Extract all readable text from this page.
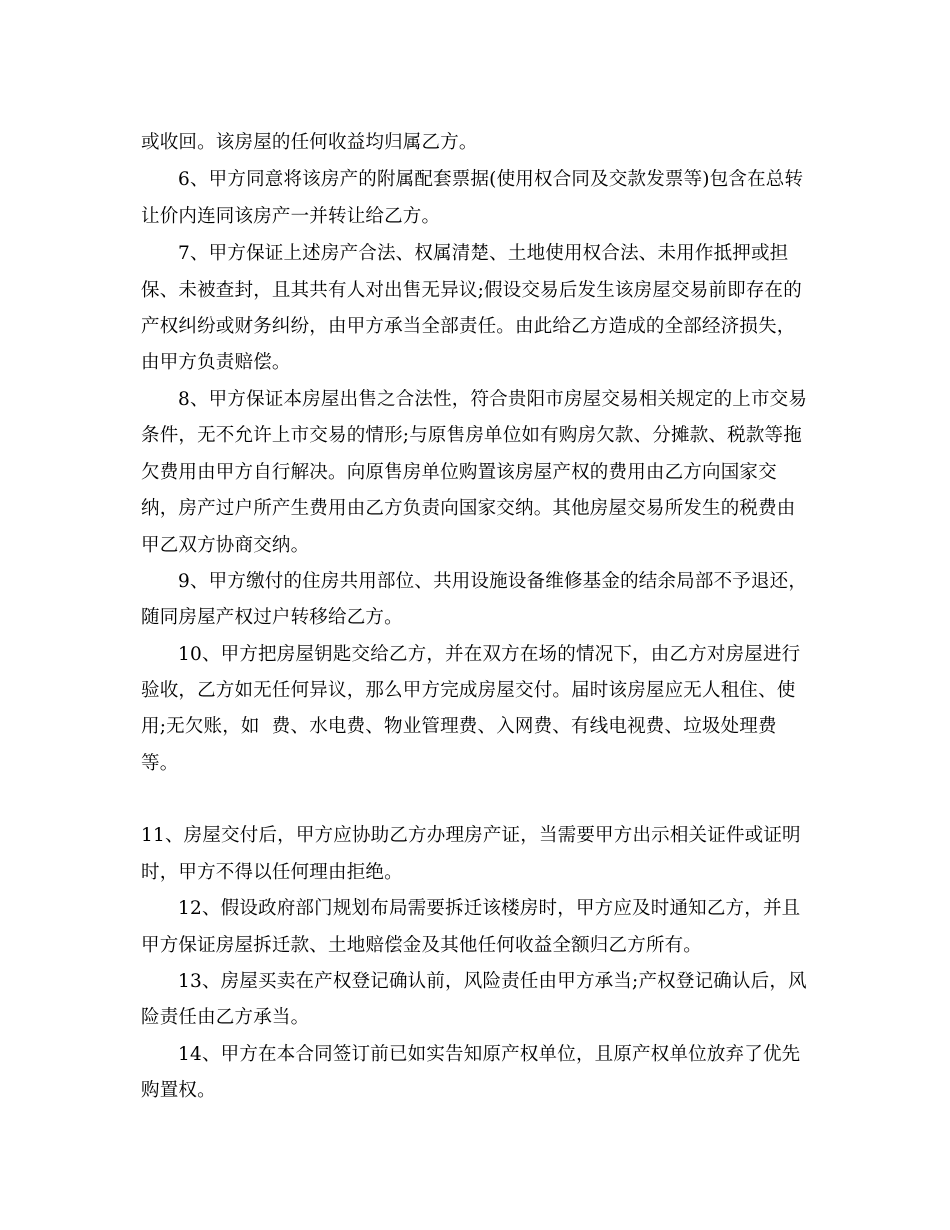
或收回。该房屋的任何收益均归属乙方。
6、甲方同意将该房产的附属配套票据(使用权合同及交款发票等)包含在总转
让价内连同该房产一并转让给乙方。
7、甲方保证上述房产合法、权属清楚、土地使用权合法、未用作抵押或担
保、未被查封，且其共有人对出售无异议;假设交易后发生该房屋交易前即存在的
产权纠纷或财务纠纷，由甲方承当全部责任。由此给乙方造成的全部经济损失，
由甲方负责赔偿。
8、甲方保证本房屋出售之合法性，符合贵阳市房屋交易相关规定的上市交易
条件，无不允许上市交易的情形;与原售房单位如有购房欠款、分摊款、税款等拖
欠费用由甲方自行解决。向原售房单位购置该房屋产权的费用由乙方向国家交
纳，房产过户所产生费用由乙方负责向国家交纳。其他房屋交易所发生的税费由
甲乙双方协商交纳。
9、甲方缴付的住房共用部位、共用设施设备维修基金的结余局部不予退还，
随同房屋产权过户转移给乙方。
10、甲方把房屋钥匙交给乙方，并在双方在场的情况下，由乙方对房屋进行
验收，乙方如无任何异议，那么甲方完成房屋交付。届时该房屋应无人租住、使
用;无欠账，如  费、水电费、物业管理费、入网费、有线电视费、垃圾处理费
等。
11、房屋交付后，甲方应协助乙方办理房产证，当需要甲方出示相关证件或证明
时，甲方不得以任何理由拒绝。
12、假设政府部门规划布局需要拆迁该楼房时，甲方应及时通知乙方，并且
甲方保证房屋拆迁款、土地赔偿金及其他任何收益全额归乙方所有。
13、房屋买卖在产权登记确认前，风险责任由甲方承当;产权登记确认后，风
险责任由乙方承当。
14、甲方在本合同签订前已如实告知原产权单位，且原产权单位放弃了优先
购置权。
